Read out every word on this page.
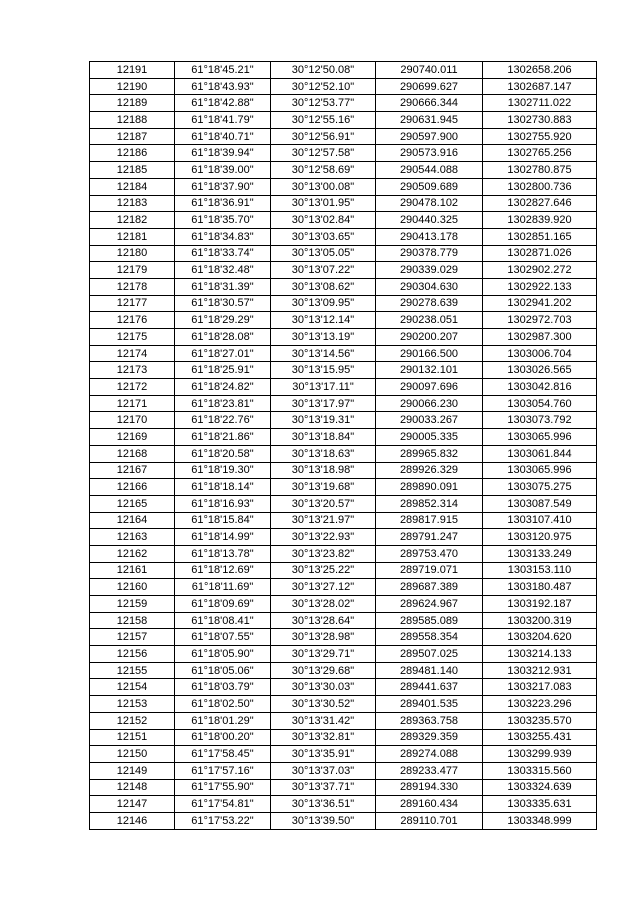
12191	61°18'45.21"	30°12'50.08"	290740.011	1302658.206
12190	61°18'43.93"	30°12'52.10"	290699.627	1302687.147
12189	61°18'42.88"	30°12'53.77"	290666.344	1302711.022
12188	61°18'41.79"	30°12'55.16"	290631.945	1302730.883
12187	61°18'40.71"	30°12'56.91"	290597.900	1302755.920
12186	61°18'39.94"	30°12'57.58"	290573.916	1302765.256
12185	61°18'39.00"	30°12'58.69"	290544.088	1302780.875
12184	61°18'37.90"	30°13'00.08"	290509.689	1302800.736
12183	61°18'36.91"	30°13'01.95"	290478.102	1302827.646
12182	61°18'35.70"	30°13'02.84"	290440.325	1302839.920
12181	61°18'34.83"	30°13'03.65"	290413.178	1302851.165
12180	61°18'33.74"	30°13'05.05"	290378.779	1302871.026
12179	61°18'32.48"	30°13'07.22"	290339.029	1302902.272
12178	61°18'31.39"	30°13'08.62"	290304.630	1302922.133
12177	61°18'30.57"	30°13'09.95"	290278.639	1302941.202
12176	61°18'29.29"	30°13'12.14"	290238.051	1302972.703
12175	61°18'28.08"	30°13'13.19"	290200.207	1302987.300
12174	61°18'27.01"	30°13'14.56"	290166.500	1303006.704
12173	61°18'25.91"	30°13'15.95"	290132.101	1303026.565
12172	61°18'24.82"	30°13'17.11"	290097.696	1303042.816
12171	61°18'23.81"	30°13'17.97"	290066.230	1303054.760
12170	61°18'22.76"	30°13'19.31"	290033.267	1303073.792
12169	61°18'21.86"	30°13'18.84"	290005.335	1303065.996
12168	61°18'20.58"	30°13'18.63"	289965.832	1303061.844
12167	61°18'19.30"	30°13'18.98"	289926.329	1303065.996
12166	61°18'18.14"	30°13'19.68"	289890.091	1303075.275
12165	61°18'16.93"	30°13'20.57"	289852.314	1303087.549
12164	61°18'15.84"	30°13'21.97"	289817.915	1303107.410
12163	61°18'14.99"	30°13'22.93"	289791.247	1303120.975
12162	61°18'13.78"	30°13'23.82"	289753.470	1303133.249
12161	61°18'12.69"	30°13'25.22"	289719.071	1303153.110
12160	61°18'11.69"	30°13'27.12"	289687.389	1303180.487
12159	61°18'09.69"	30°13'28.02"	289624.967	1303192.187
12158	61°18'08.41"	30°13'28.64"	289585.089	1303200.319
12157	61°18'07.55"	30°13'28.98"	289558.354	1303204.620
12156	61°18'05.90"	30°13'29.71"	289507.025	1303214.133
12155	61°18'05.06"	30°13'29.68"	289481.140	1303212.931
12154	61°18'03.79"	30°13'30.03"	289441.637	1303217.083
12153	61°18'02.50"	30°13'30.52"	289401.535	1303223.296
12152	61°18'01.29"	30°13'31.42"	289363.758	1303235.570
12151	61°18'00.20"	30°13'32.81"	289329.359	1303255.431
12150	61°17'58.45"	30°13'35.91"	289274.088	1303299.939
12149	61°17'57.16"	30°13'37.03"	289233.477	1303315.560
12148	61°17'55.90"	30°13'37.71"	289194.330	1303324.639
12147	61°17'54.81"	30°13'36.51"	289160.434	1303335.631
12146	61°17'53.22"	30°13'39.50"	289110.701	1303348.999
